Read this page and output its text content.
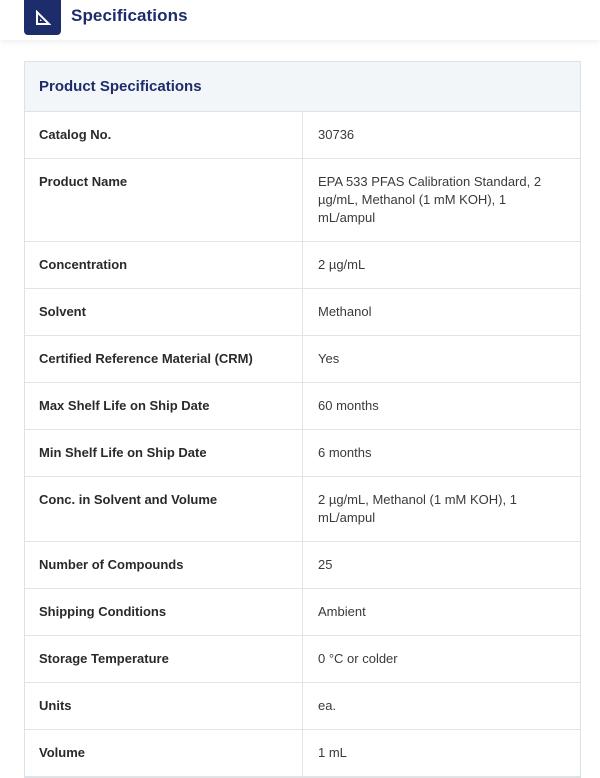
Specifications
Product Specifications
Catalog No.	30736
Product Name	EPA 533 PFAS Calibration Standard, 2 µg/mL, Methanol (1 mM KOH), 1 mL/ampul
Concentration	2 µg/mL
Solvent	Methanol
Certified Reference Material (CRM)	Yes
Max Shelf Life on Ship Date	60 months
Min Shelf Life on Ship Date	6 months
Conc. in Solvent and Volume	2 µg/mL, Methanol (1 mM KOH), 1 mL/ampul
Number of Compounds	25
Shipping Conditions	Ambient
Storage Temperature	0 °C or colder
Units	ea.
Volume	1 mL
